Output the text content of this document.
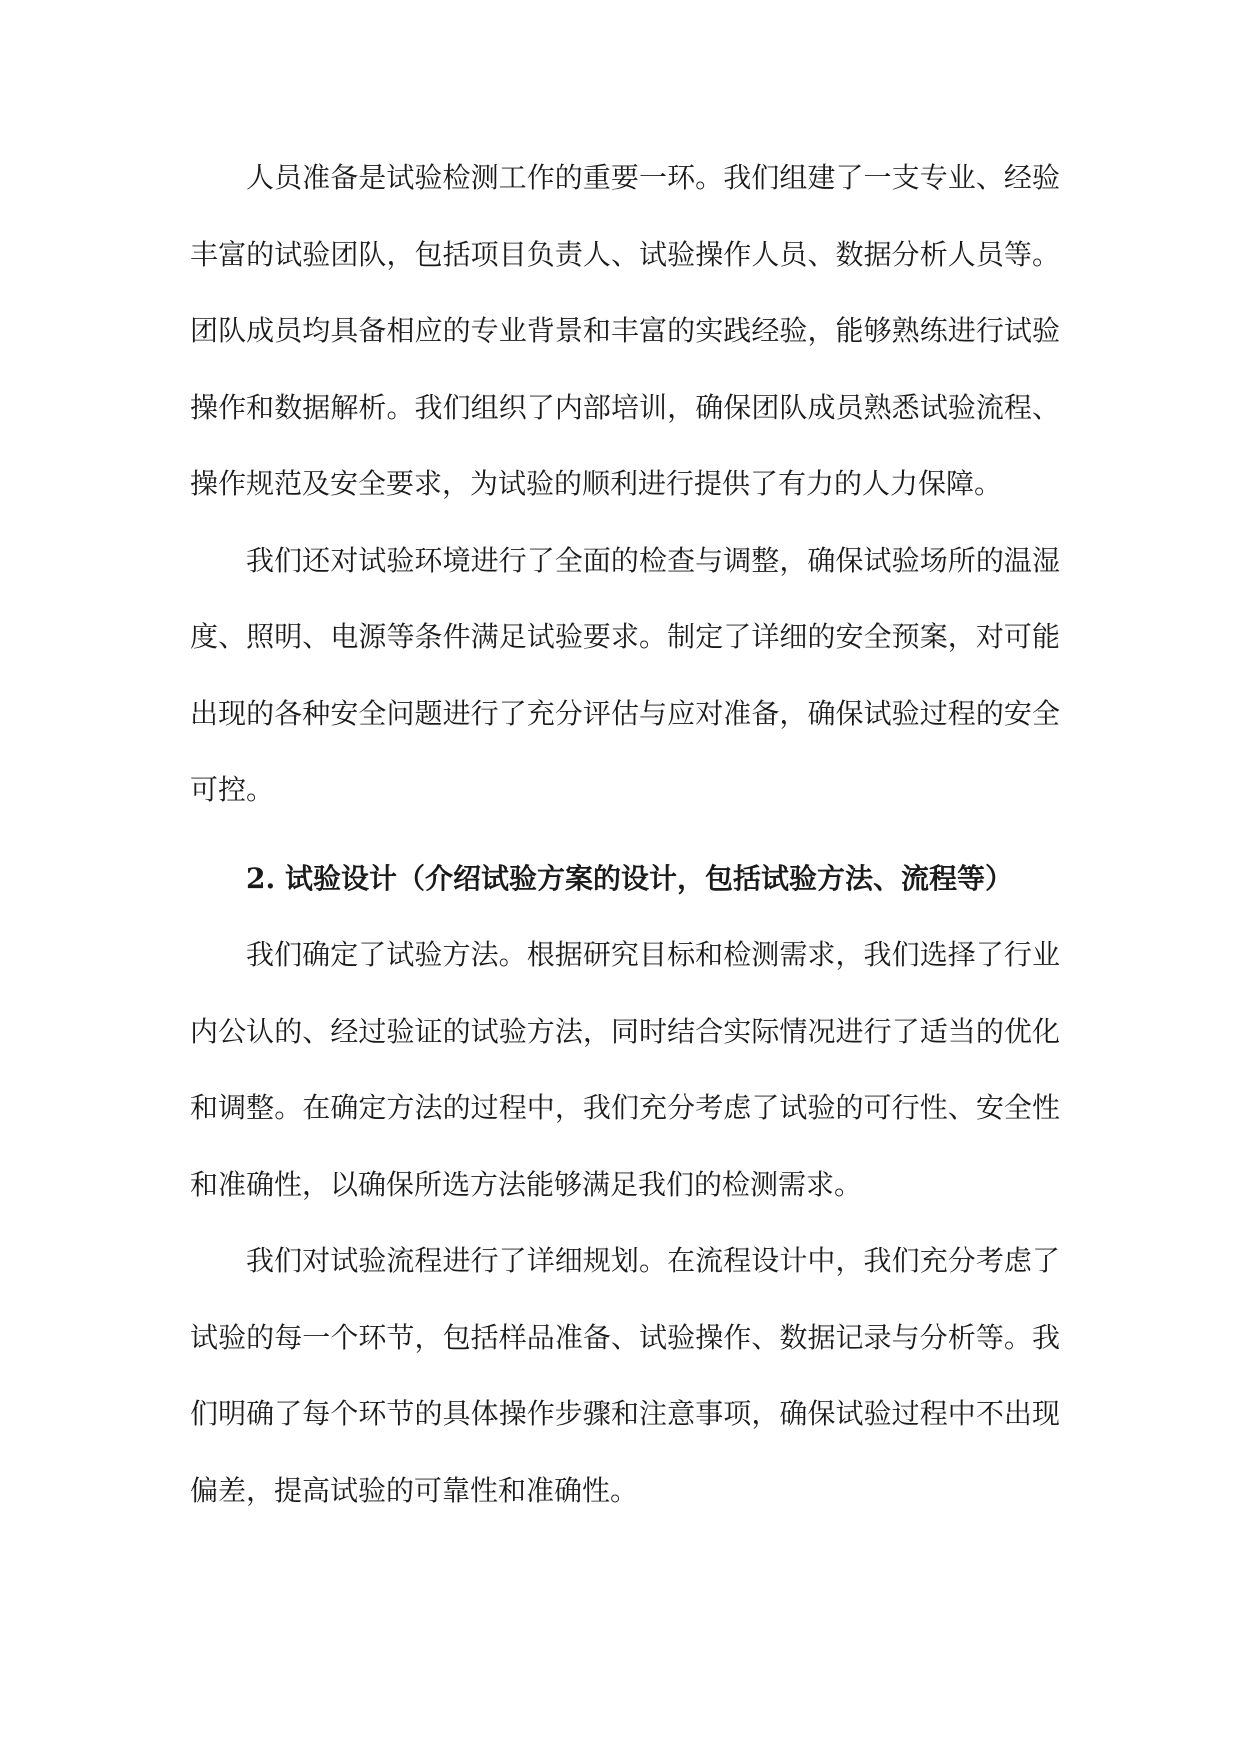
人员准备是试验检测工作的重要一环。我们组建了一支专业、经验丰富的试验团队，包括项目负责人、试验操作人员、数据分析人员等。团队成员均具备相应的专业背景和丰富的实践经验，能够熟练进行试验操作和数据解析。我们组织了内部培训，确保团队成员熟悉试验流程、操作规范及安全要求，为试验的顺利进行提供了有力的人力保障。

我们还对试验环境进行了全面的检查与调整，确保试验场所的温湿度、照明、电源等条件满足试验要求。制定了详细的安全预案，对可能出现的各种安全问题进行了充分评估与应对准备，确保试验过程的安全可控。

2. 试验设计（介绍试验方案的设计，包括试验方法、流程等）

我们确定了试验方法。根据研究目标和检测需求，我们选择了行业内公认的、经过验证的试验方法，同时结合实际情况进行了适当的优化和调整。在确定方法的过程中，我们充分考虑了试验的可行性、安全性和准确性，以确保所选方法能够满足我们的检测需求。

我们对试验流程进行了详细规划。在流程设计中，我们充分考虑了试验的每一个环节，包括样品准备、试验操作、数据记录与分析等。我们明确了每个环节的具体操作步骤和注意事项，确保试验过程中不出现偏差，提高试验的可靠性和准确性。
